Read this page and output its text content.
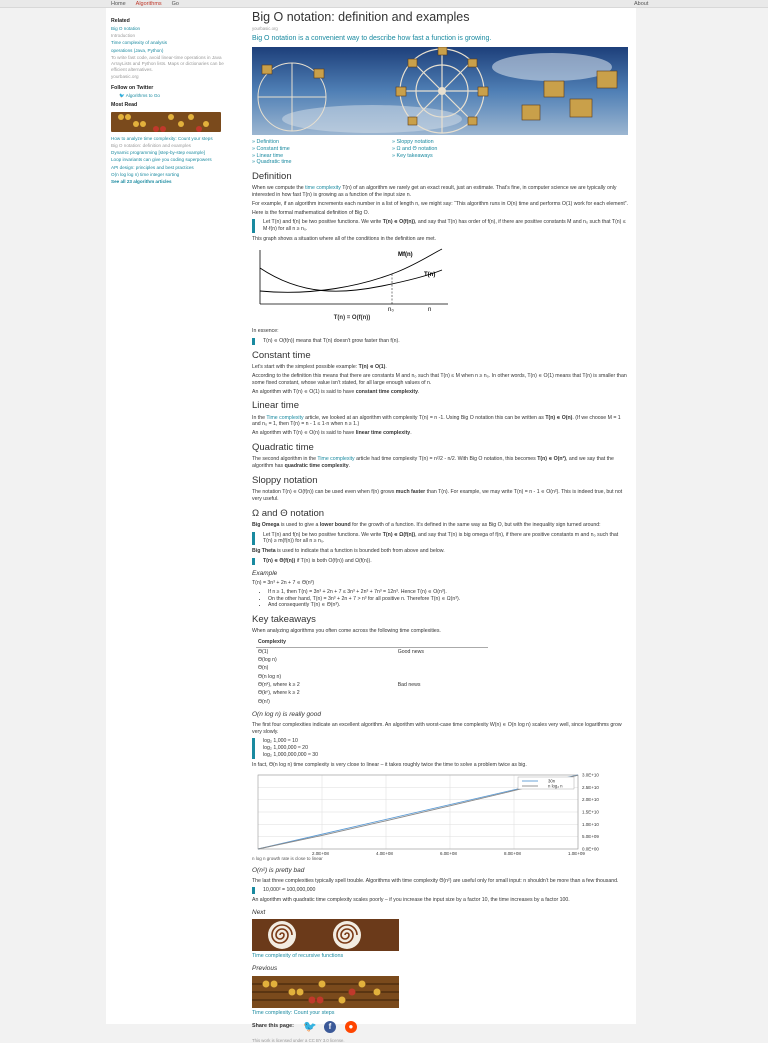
Home Algorithms Go	About
Related
Big O notation
Introduction
Time complexity of analysis
operations (Java, Python)
To write fast code, avoid linear-time operations in Java ArrayLists and Python lists. Maps or dictionaries can be efficient alternatives.
yourbasic.org
Follow on Twitter
🐦 Algorithms to Go
Most Read
How to analyze time complexity: Count your steps
Big O notation: definition and examples
Dynamic programming [step-by-step example]
Loop invariants can give you coding superpowers
API design: principles and best practices
O(n log log n) time integer sorting
See all 23 algorithm articles
Big O notation: definition and examples
yourbasic.org
Big O notation is a convenient way to describe how fast a function is growing.
» Definition
» Constant time
» Linear time
» Quadratic time
» Sloppy notation
» Ω and Θ notation
» Key takeaways
Definition

When we compute the time complexity T(n) of an algorithm we rarely get an exact result, just an estimate. That’s fine, in computer science we are typically only interested in how fast T(n) is growing as a function of the input size n.

For example, if an algorithm increments each number in a list of length n, we might say: “This algorithm runs in O(n) time and performs O(1) work for each element”.

Here is the formal mathematical definition of Big O.

Let T(n) and f(n) be two positive functions. We write T(n) ∊ O(f(n)), and say that T(n) has order of f(n), if there are positive constants M and n₀ such that T(n) ≤ M·f(n) for all n ≥ n₀.

This graph shows a situation where all of the conditions in the definition are met.

Mf(n)
T(n)
n₀	n
T(n) = O(f(n))

In essence:

T(n) ∊ O(f(n)) means that T(n) doesn't grow faster than f(n).
Constant time

Let’s start with the simplest possible example: T(n) ∊ O(1).

According to the definition this means that there are constants M and n₀ such that T(n) ≤ M when n ≥ n₀. In other words, T(n) ∊ O(1) means that T(n) is smaller than some fixed constant, whose value isn’t stated, for all large enough values of n.

An algorithm with T(n) ∊ O(1) is said to have constant time complexity.

Linear time

In the Time complexity article, we looked at an algorithm with complexity T(n) = n -1. Using Big O notation this can be written as T(n) ∊ O(n). (If we choose M = 1 and n₀ = 1, then T(n) = n - 1 ≤ 1·n when n ≥ 1.)

An algorithm with T(n) ∊ O(n) is said to have linear time complexity.

Quadratic time

The second algorithm in the Time complexity article had time complexity T(n) = n²/2 - n/2. With Big O notation, this becomes T(n) ∊ O(n²), and we say that the algorithm has quadratic time complexity.

Sloppy notation

The notation T(n) ∊ O(f(n)) can be used even when f(n) grows much faster than T(n). For example, we may write T(n) = n - 1 ∊ O(n²). This is indeed true, but not very useful.

Ω and Θ notation

Big Omega is used to give a lower bound for the growth of a function. It’s defined in the same way as Big O, but with the inequality sign turned around:

Let T(n) and f(n) be two positive functions. We write T(n) ∊ Ω(f(n)), and say that T(n) is big omega of f(n), if there are positive constants m and n₀ such that T(n) ≥ m(f(n)) for all n ≥ n₀.

Big Theta is used to indicate that a function is bounded both from above and below.

T(n) ∊ Θ(f(n)) if T(n) is both O(f(n)) and Ω(f(n)).
Example

T(n) = 3n³ + 2n + 7 ∊ Θ(n³)

• If n ≥ 1, then T(n) = 3n³ + 2n + 7 ≤ 3n³ + 2n³ + 7n³ = 12n³. Hence T(n) ∊ O(n³).
• On the other hand, T(n) = 3n³ + 2n + 7 > n³ for all positive n. Therefore T(n) ∊ Ω(n³).
• And consequently T(n) ∊ Θ(n³).
Key takeaways

When analyzing algorithms you often come across the following time complexities.

Complexity	
Θ(1)	Good news
Θ(log n)	
Θ(n)	
Θ(n log n)	
Θ(nᵏ), where k ≥ 2	Bad news
Θ(kⁿ), where k ≥ 2	
Θ(n!)	
O(n log n) is really good

The first four complexities indicate an excellent algorithm. An algorithm with worst-case time complexity W(n) ∊ O(n log n) scales very well, since logarithms grow very slowly.

log₂ 1,000 ≈ 10
log₂ 1,000,000 ≈ 20
log₂ 1,000,000,000 ≈ 30

In fact, Θ(n log n) time complexity is very close to linear – it takes roughly twice the time to solve a problem twice as big.

0.0E+00
5.0E+09
1.0E+10
1.5E+10
2.0E+10
2.5E+10
3.0E+10
2.0E+08	4.0E+08	6.0E+08	8.0E+08	1.0E+09
30n
n log₂ n
n log n growth rate is close to linear
O(n²) is pretty bad

The last three complexities typically spell trouble. Algorithms with time complexity Θ(n²) are useful only for small input: n shouldn’t be more than a few thousand.

10,000² = 100,000,000

An algorithm with quadratic time complexity scales poorly – if you increase the input size by a factor 10, the time increases by a factor 100.

Next
Time complexity of recursive functions
Previous
Time complexity: Count your steps
Share this page: 🐦	f	●
This work is licensed under a CC BY 3.0 license.
